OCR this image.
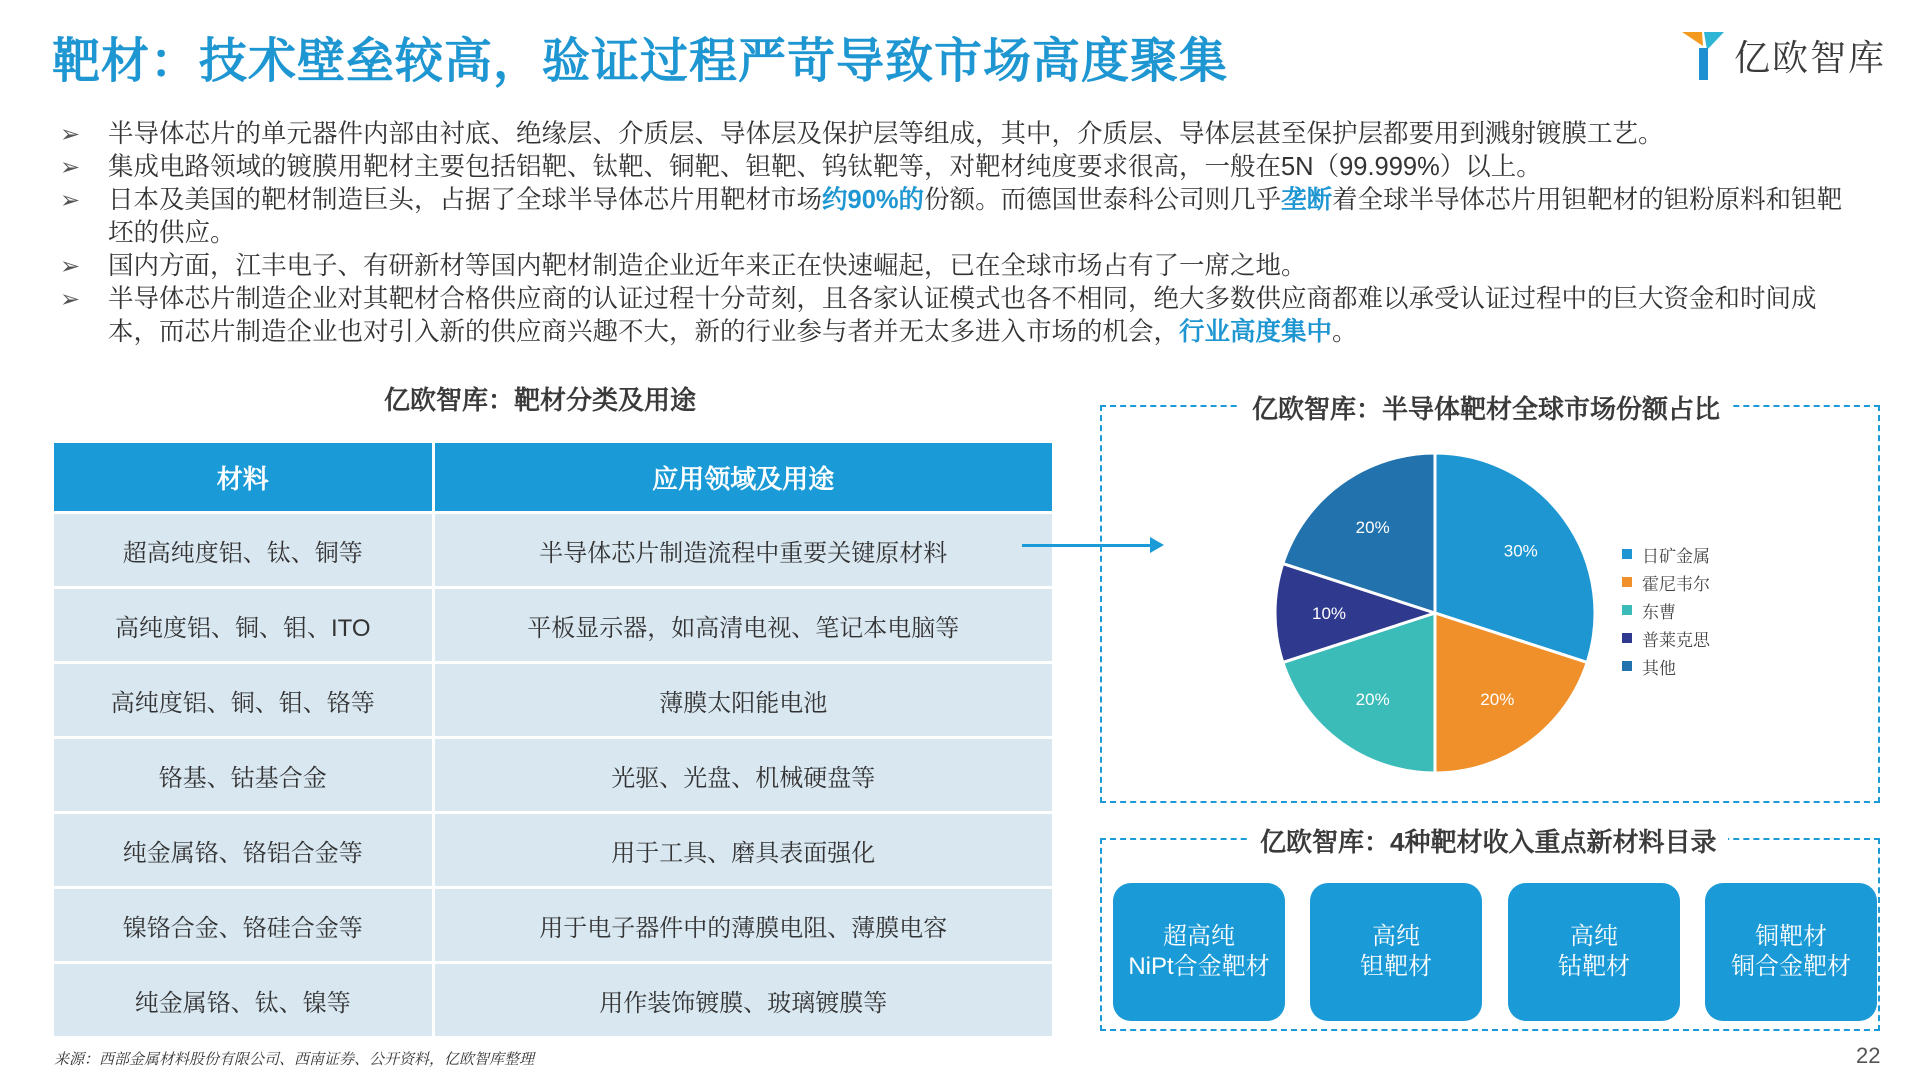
靶材：技术壁垒较高，验证过程严苛导致市场高度聚集	亿欧智库
➢ 半导体芯片的单元器件内部由衬底、绝缘层、介质层、导体层及保护层等组成，其中，介质层、导体层甚至保护层都要用到溅射镀膜工艺。
➢ 集成电路领域的镀膜用靶材主要包括铝靶、钛靶、铜靶、钽靶、钨钛靶等，对靶材纯度要求很高，一般在5N（99.999%）以上。
➢ 日本及美国的靶材制造巨头，占据了全球半导体芯片用靶材市场约90%的份额。而德国世泰科公司则几乎垄断着全球半导体芯片用钽靶材的钽粉原料和钽靶坯的供应。
➢ 国内方面，江丰电子、有研新材等国内靶材制造企业近年来正在快速崛起，已在全球市场占有了一席之地。
➢ 半导体芯片制造企业对其靶材合格供应商的认证过程十分苛刻，且各家认证模式也各不相同，绝大多数供应商都难以承受认证过程中的巨大资金和时间成本，而芯片制造企业也对引入新的供应商兴趣不大，新的行业参与者并无太多进入市场的机会，行业高度集中。
亿欧智库：靶材分类及用途
材料	应用领域及用途
超高纯度铝、钛、铜等	半导体芯片制造流程中重要关键原材料
高纯度铝、铜、钼、ITO	平板显示器，如高清电视、笔记本电脑等
高纯度铝、铜、钼、铬等	薄膜太阳能电池
铬基、钴基合金	光驱、光盘、机械硬盘等
纯金属铬、铬铝合金等	用于工具、磨具表面强化
镍铬合金、铬硅合金等	用于电子器件中的薄膜电阻、薄膜电容
纯金属铬、钛、镍等	用作装饰镀膜、玻璃镀膜等
亿欧智库：半导体靶材全球市场份额占比
30%
20%
20%
10%
20%
日矿金属
霍尼韦尔
东曹
普莱克思
其他
亿欧智库：4种靶材收入重点新材料目录
超高纯
NiPt合金靶材
高纯
钽靶材
高纯
钴靶材
铜靶材
铜合金靶材
来源：西部金属材料股份有限公司、西南证券、公开资料，亿欧智库整理	22
